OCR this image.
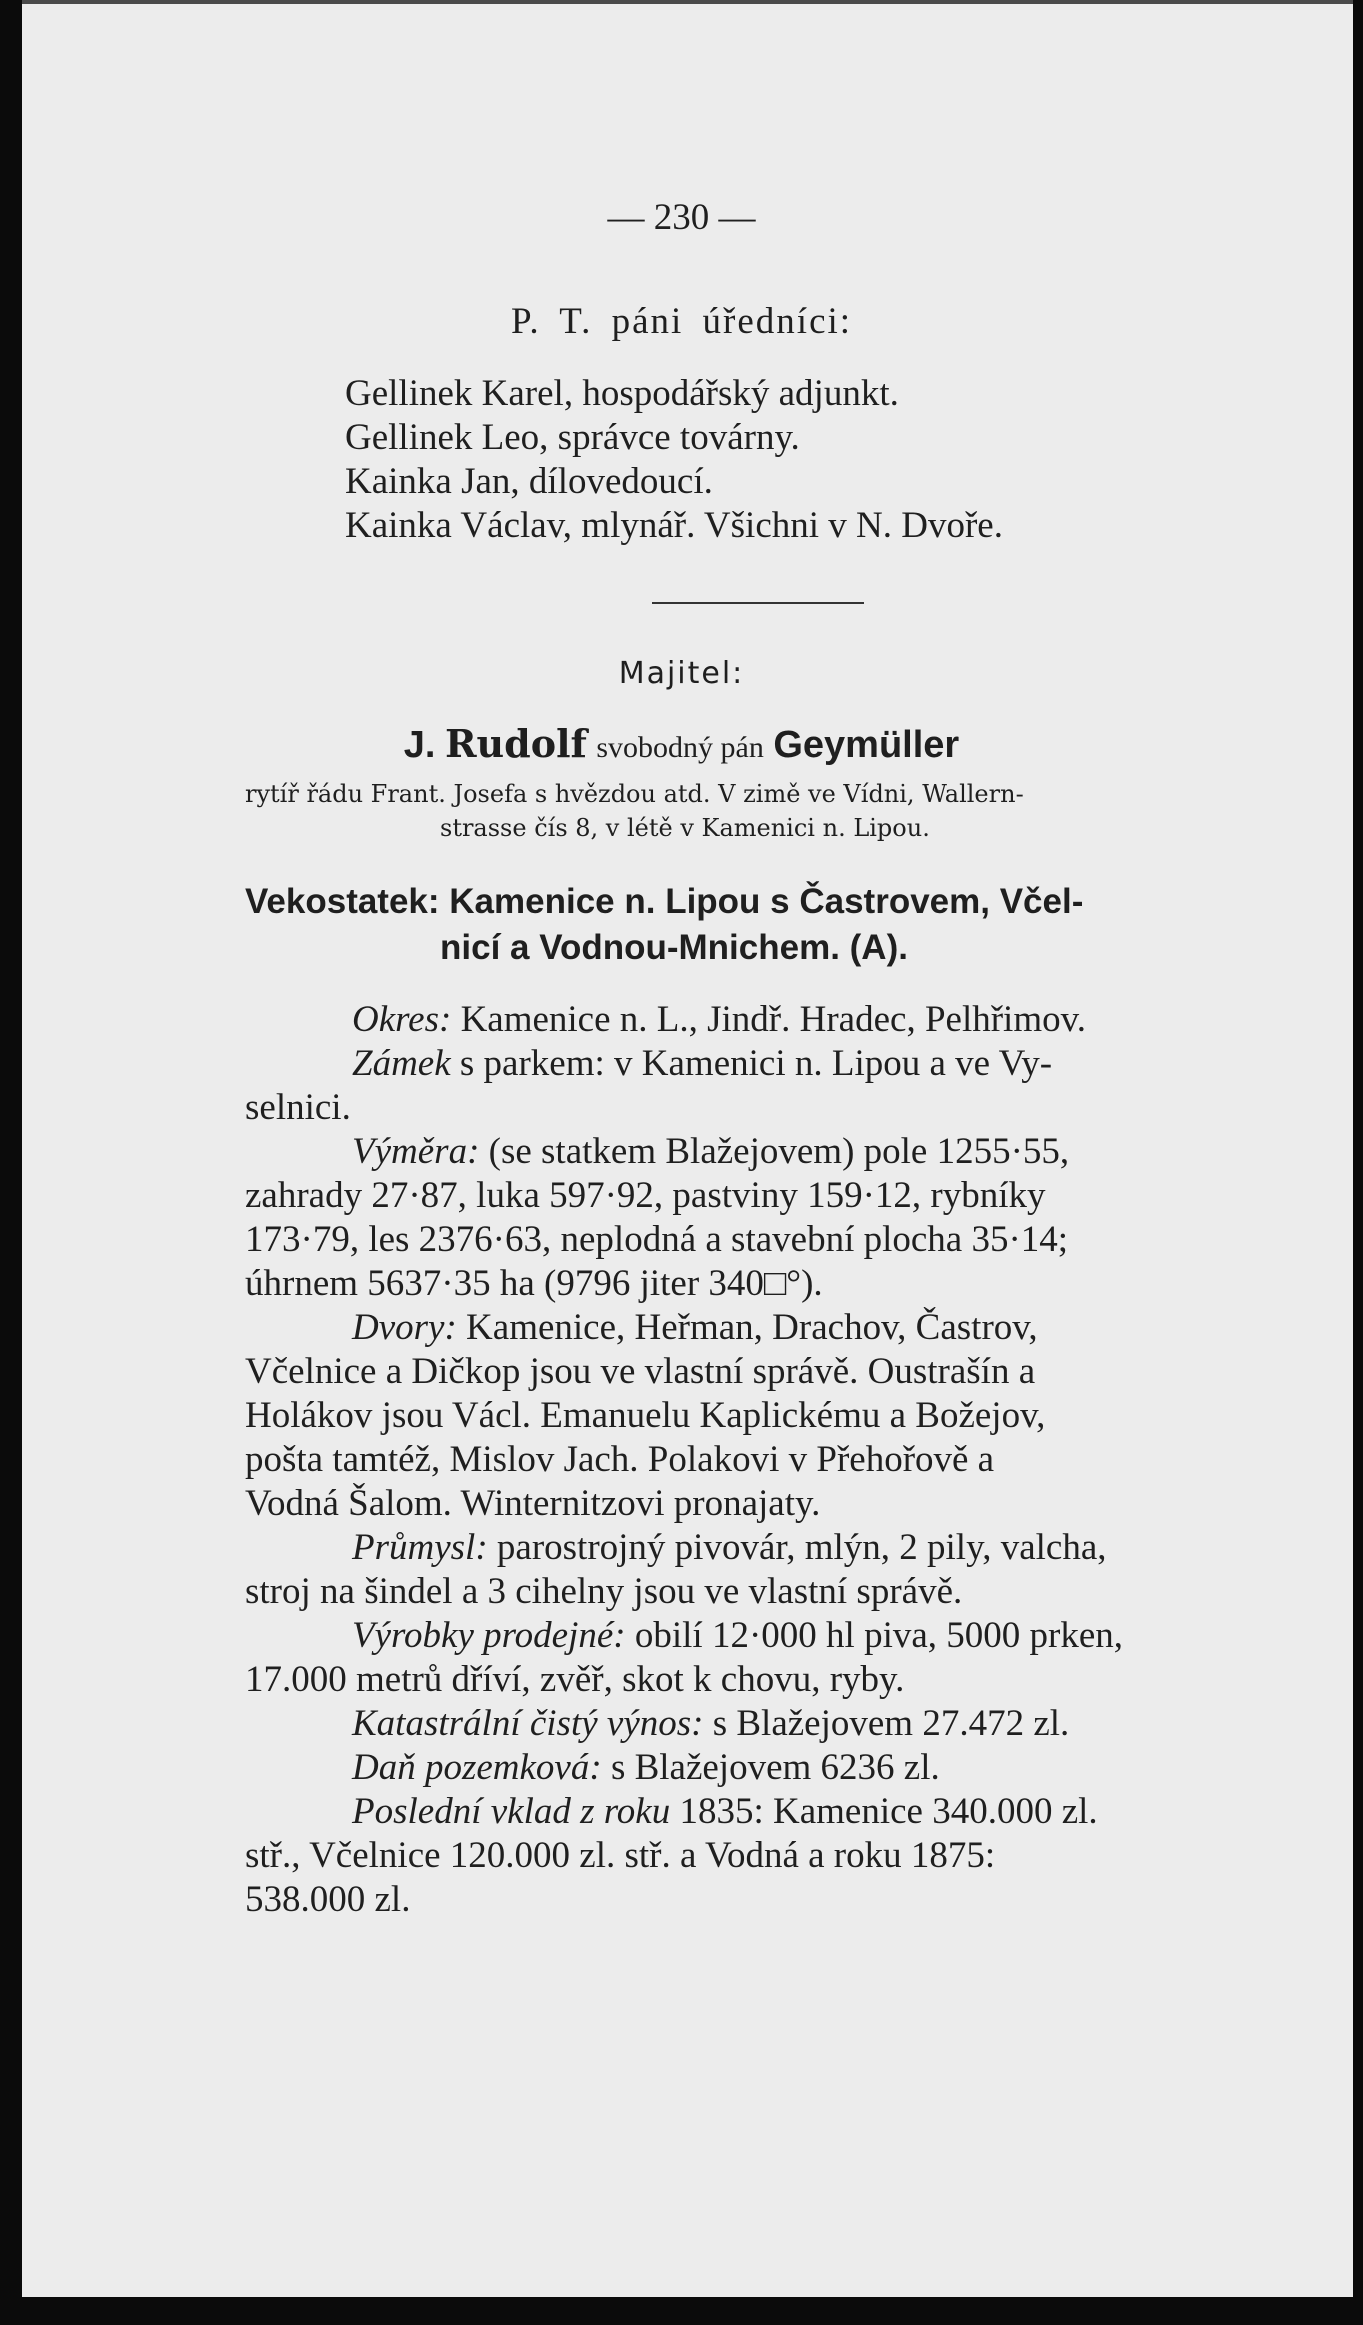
— 230 —
P. T. páni úředníci:
Gellinek Karel, hospodářský adjunkt.
Gellinek Leo, správce továrny.
Kainka Jan, dílovedoucí.
Kainka Václav, mlynář. Všichni v N. Dvoře.
Majitel:
J. Rudolf svobodný pán Geymüller
rytíř řádu Frant. Josefa s hvězdou atd. V zimě ve Vídni, Wallern-
strasse čís 8, v létě v Kamenici n. Lipou.
Vekostatek: Kamenice n. Lipou s Častrovem, Včel-
nicí a Vodnou-Mnichem. (A).
Okres: Kamenice n. L., Jindř. Hradec, Pelhřimov.
Zámek s parkem: v Kamenici n. Lipou a ve Vy-
selnici.
Výměra: (se statkem Blažejovem) pole 1255·55,
zahrady 27·87, luka 597·92, pastviny 159·12, rybníky
173·79, les 2376·63, neplodná a stavební plocha 35·14;
úhrnem 5637·35 ha (9796 jiter 340□°).
Dvory: Kamenice, Heřman, Drachov, Častrov,
Včelnice a Dičkop jsou ve vlastní správě. Oustrašín a
Holákov jsou Václ. Emanuelu Kaplickému a Božejov,
pošta tamtéž, Mislov Jach. Polakovi v Přehořově a
Vodná Šalom. Winternitzovi pronajaty.
Průmysl: parostrojný pivovár, mlýn, 2 pily, valcha,
stroj na šindel a 3 cihelny jsou ve vlastní správě.
Výrobky prodejné: obilí 12·000 hl piva, 5000 prken,
17.000 metrů dříví, zvěř, skot k chovu, ryby.
Katastrální čistý výnos: s Blažejovem 27.472 zl.
Daň pozemková: s Blažejovem 6236 zl.
Poslední vklad z roku 1835: Kamenice 340.000 zl.
stř., Včelnice 120.000 zl. stř. a Vodná a roku 1875:
538.000 zl.
